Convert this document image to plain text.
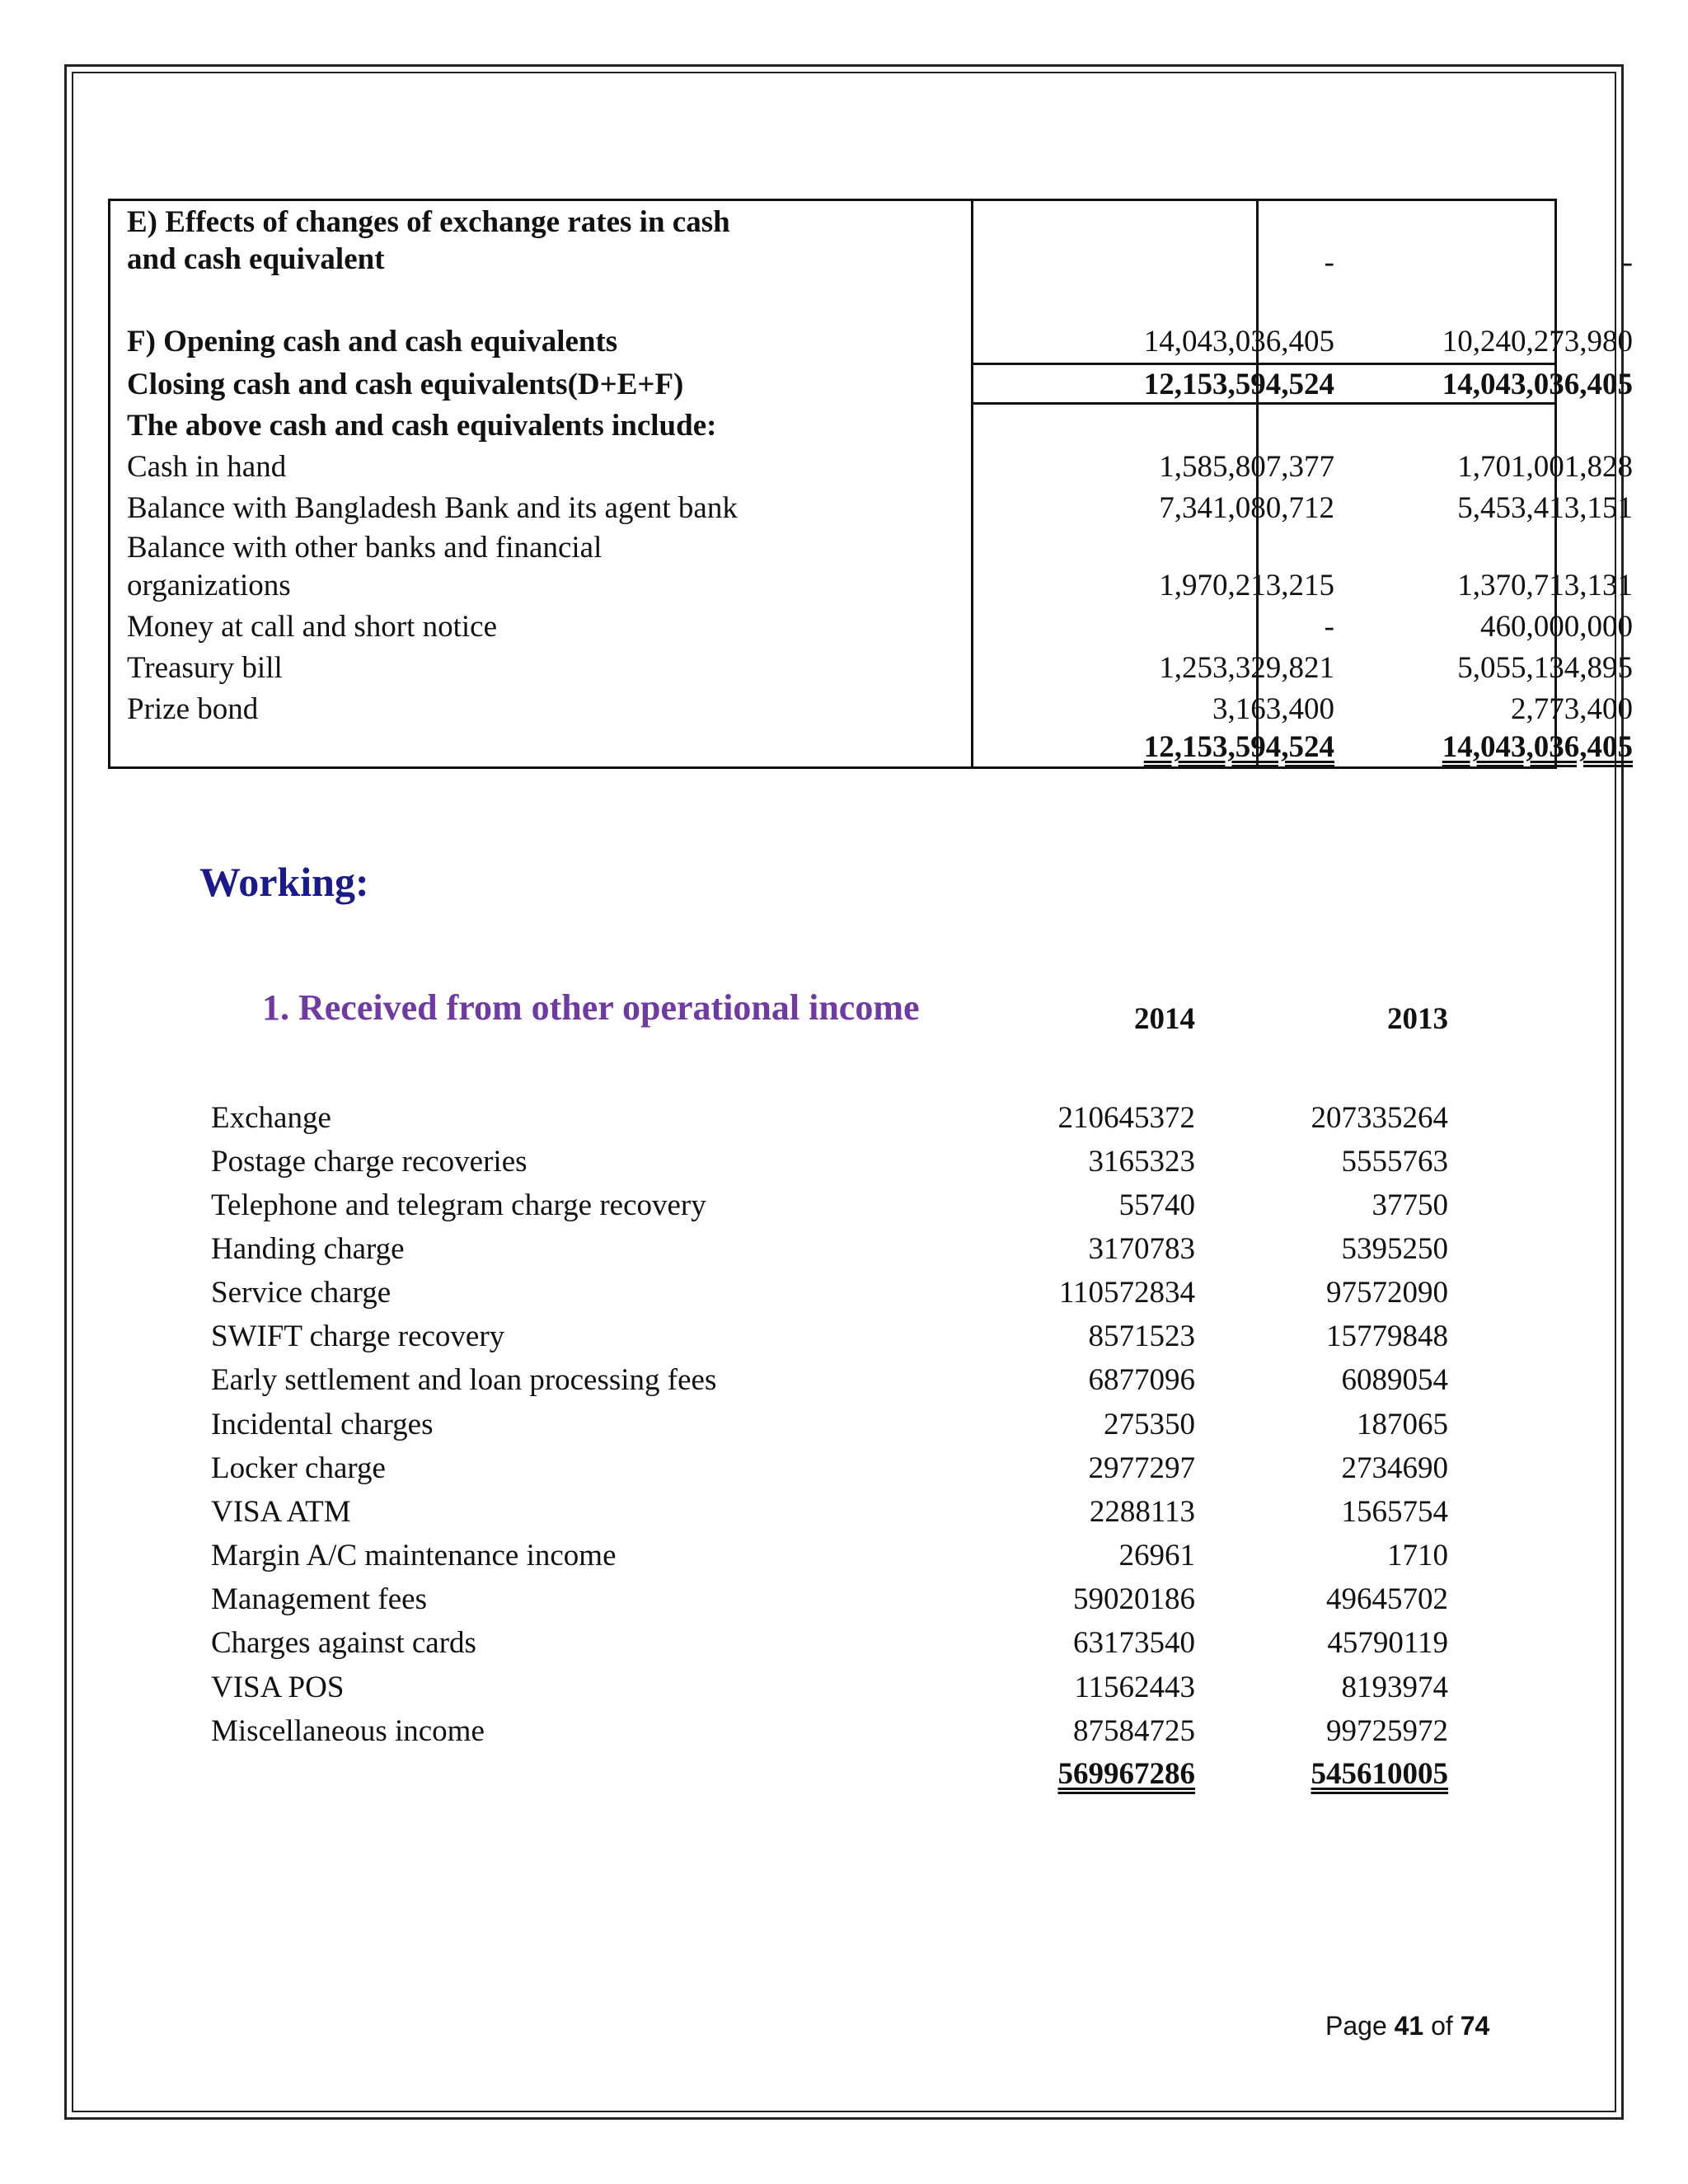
E) Effects of changes of exchange rates in cash
and cash equivalent	-	-
F) Opening cash and cash equivalents	14,043,036,405	10,240,273,980
Closing cash and cash equivalents(D+E+F)	12,153,594,524	14,043,036,405
The above cash and cash equivalents include:
Cash in hand	1,585,807,377	1,701,001,828
Balance with Bangladesh Bank and its agent bank	7,341,080,712	5,453,413,151
Balance with other banks and financial
organizations	1,970,213,215	1,370,713,131
Money at call and short notice	-	460,000,000
Treasury bill	1,253,329,821	5,055,134,895
Prize bond	3,163,400	2,773,400
12,153,594,524	14,043,036,405
Working:
1. Received from other operational income	2014	2013
Exchange	210645372	207335264
Postage charge recoveries	3165323	5555763
Telephone and telegram charge recovery	55740	37750
Handing charge	3170783	5395250
Service charge	110572834	97572090
SWIFT charge recovery	8571523	15779848
Early settlement and loan processing fees	6877096	6089054
Incidental charges	275350	187065
Locker charge	2977297	2734690
VISA ATM	2288113	1565754
Margin A/C maintenance income	26961	1710
Management fees	59020186	49645702
Charges against cards	63173540	45790119
VISA POS	11562443	8193974
Miscellaneous income	87584725	99725972
569967286	545610005
Page 41 of 74
